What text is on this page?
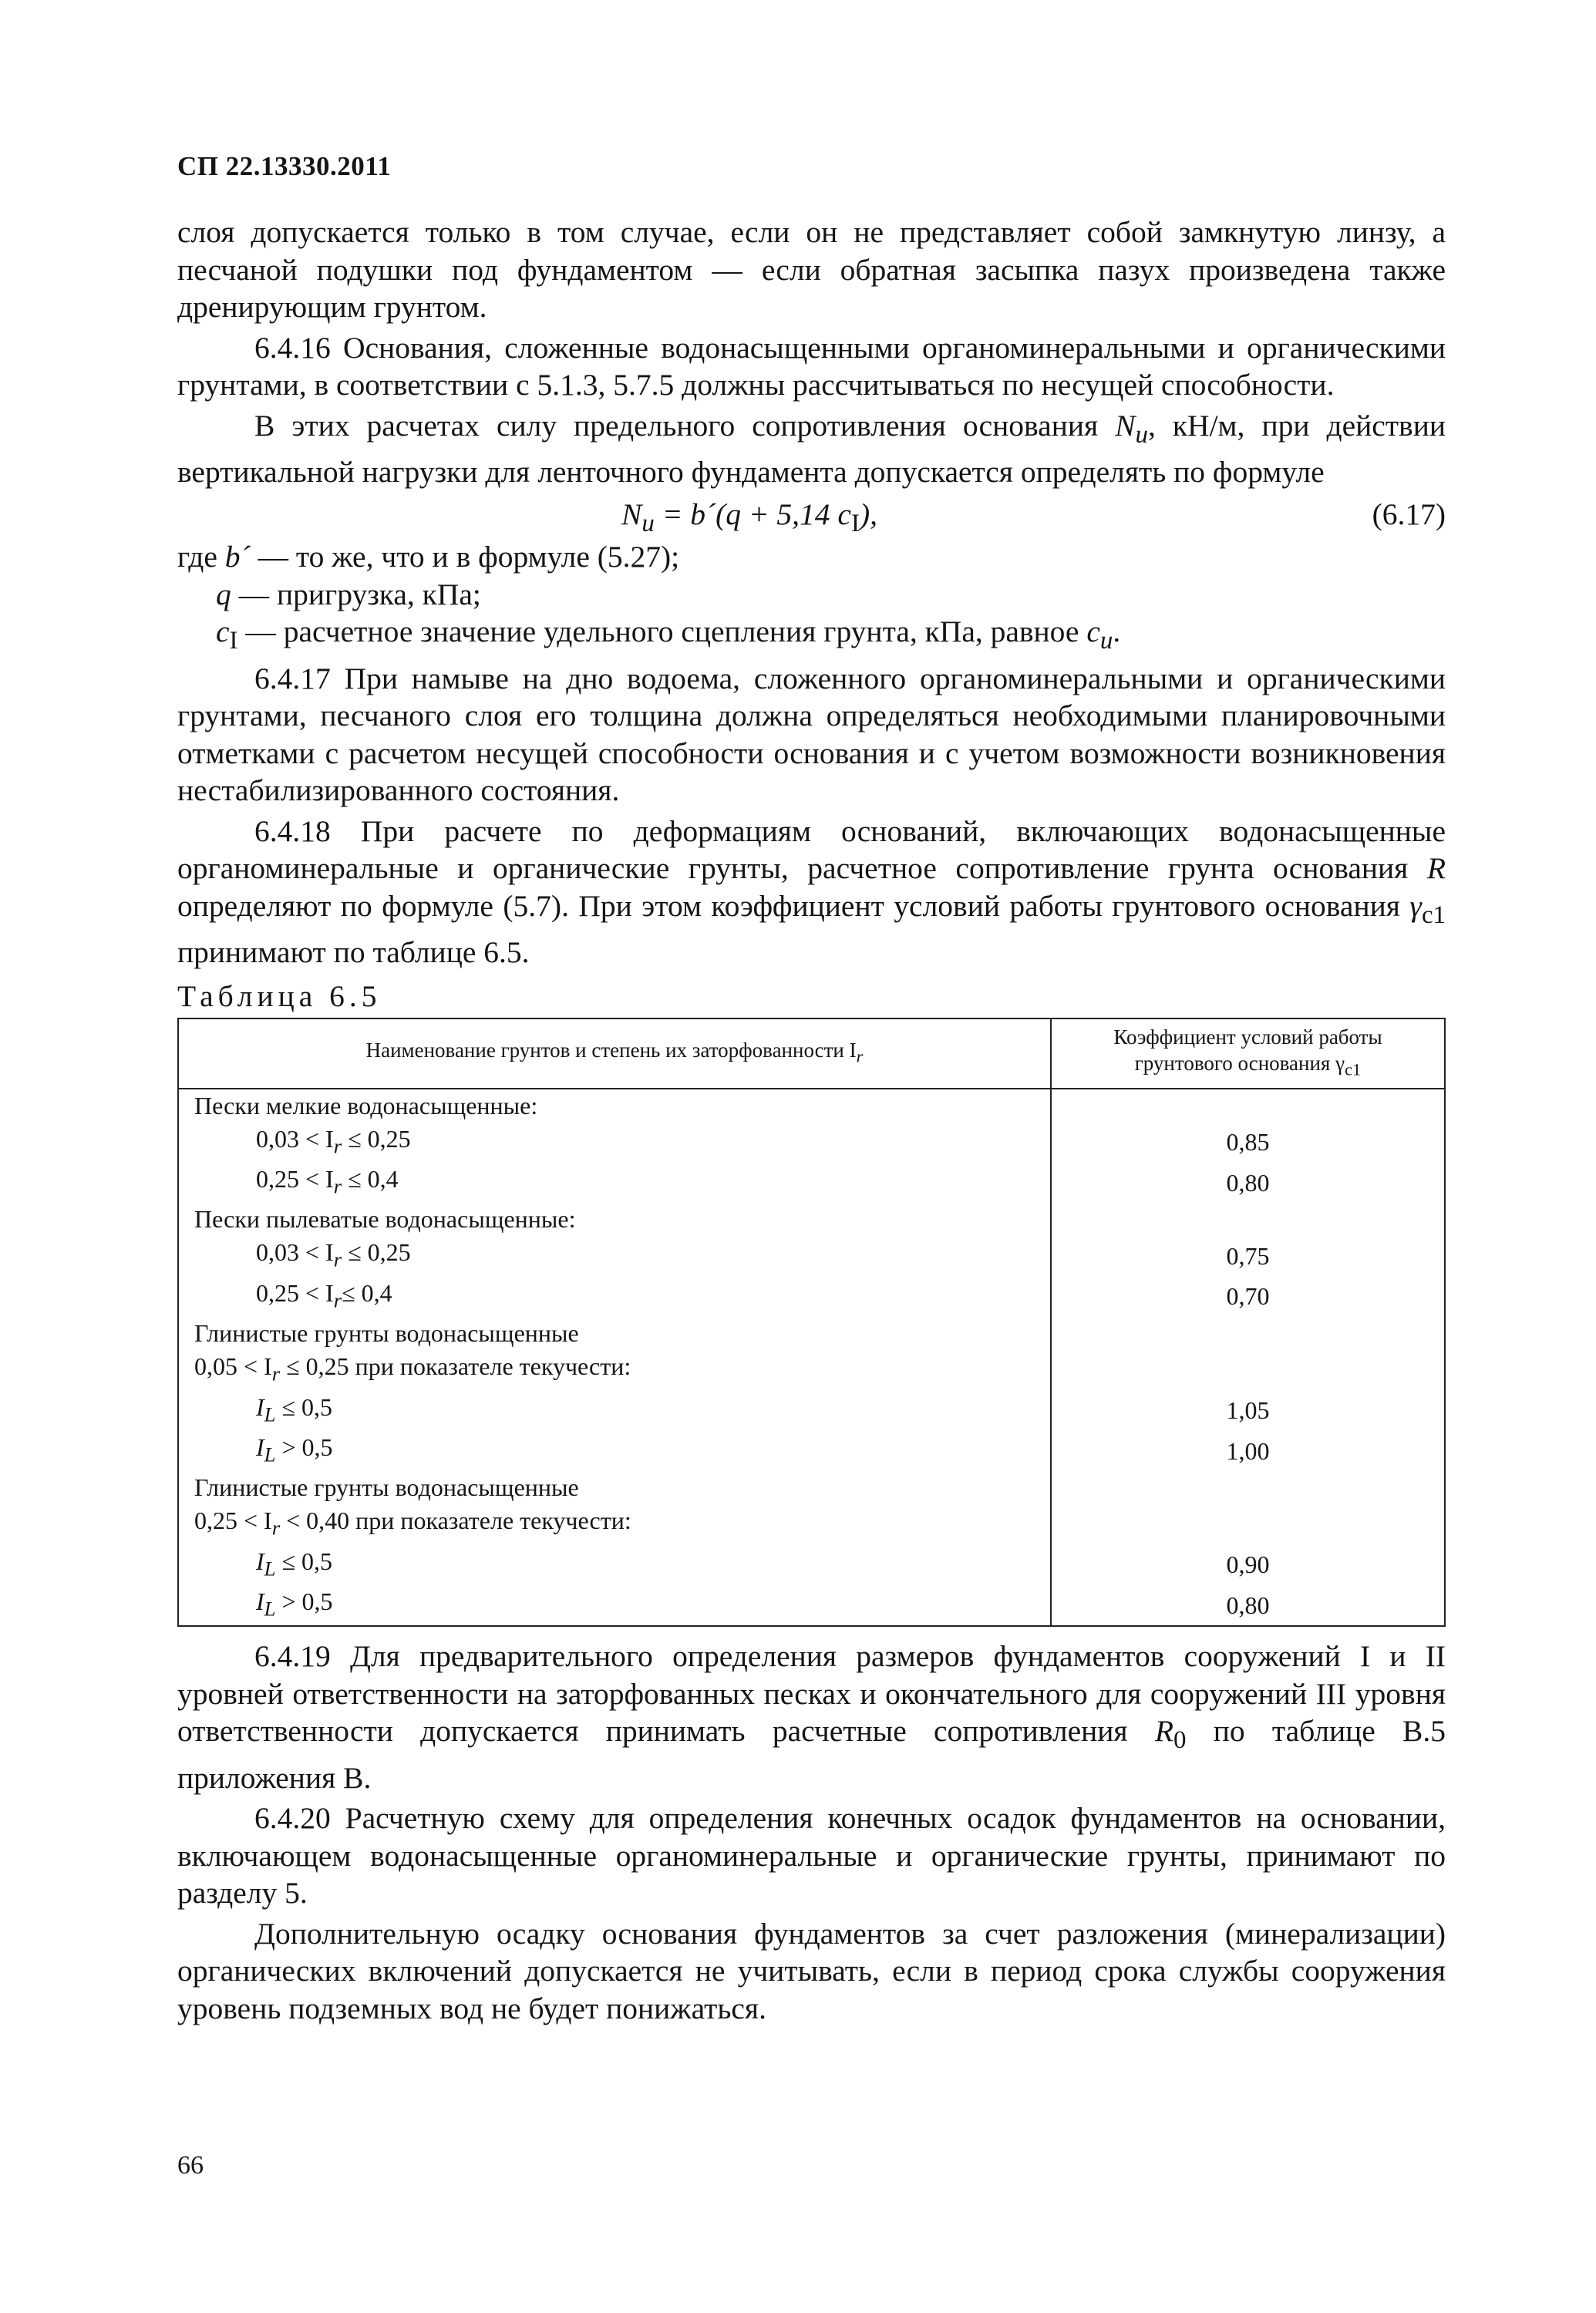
СП 22.13330.2011

слоя допускается только в том случае, если он не представляет собой замкнутую линзу, а песчаной подушки под фундаментом — если обратная засыпка пазух произведена также дренирующим грунтом.

6.4.16 Основания, сложенные водонасыщенными органоминеральными и органическими грунтами, в соответствии с 5.1.3, 5.7.5 должны рассчитываться по несущей способности.

В этих расчетах силу предельного сопротивления основания $N_u$, кН/м, при действии вертикальной нагрузки для ленточного фундамента допускается определять по формуле

$N_u$ = b´(q + 5,14 $c_I$),	(6.17)
где b´ — то же, что и в формуле (5.27);
q — пригрузка, кПа;
$c_I$ — расчетное значение удельного сцепления грунта, кПа, равное $c_u$.

6.4.17 При намыве на дно водоема, сложенного органоминеральными и органическими грунтами, песчаного слоя его толщина должна определяться необходимыми планировочными отметками с расчетом несущей способности основания и с учетом возможности возникновения нестабилизированного состояния.

6.4.18 При расчете по деформациям оснований, включающих водонасыщенные органоминеральные и органические грунты, расчетное сопротивление грунта основания R определяют по формуле (5.7). При этом коэффициент условий работы грунтового основания $\gamma_{c1}$ принимают по таблице 6.5.

Таблица 6.5
Наименование грунтов и степень их заторфованности $I_r$	Коэффициент условий работы
грунтового основания $\gamma_{c1}$
Пески мелкие водонасыщенные:	
$0,03 < I_r \le 0,25$	0,85
$0,25 < I_r \le 0,4$	0,80
Пески пылеватые водонасыщенные:	
$0,03 < I_r \le 0,25$	0,75
$0,25 < I_r\le 0,4$	0,70
Глинистые грунты водонасыщенные	
$0,05 < I_r \le 0,25$ при показателе текучести:	
$I_L \le 0,5$	1,05
$I_L > 0,5$	1,00
Глинистые грунты водонасыщенные	
$0,25 < I_r < 0,40$ при показателе текучести:	
$I_L \le 0,5$	0,90
$I_L > 0,5$	0,80

6.4.19 Для предварительного определения размеров фундаментов сооружений I и II уровней ответственности на заторфованных песках и окончательного для сооружений III уровня ответственности допускается принимать расчетные сопротивления $R_0$ по таблице В.5 приложения В.

6.4.20 Расчетную схему для определения конечных осадок фундаментов на основании, включающем водонасыщенные органоминеральные и органические грунты, принимают по разделу 5.

Дополнительную осадку основания фундаментов за счет разложения (минерализации) органических включений допускается не учитывать, если в период срока службы сооружения уровень подземных вод не будет понижаться.

66
